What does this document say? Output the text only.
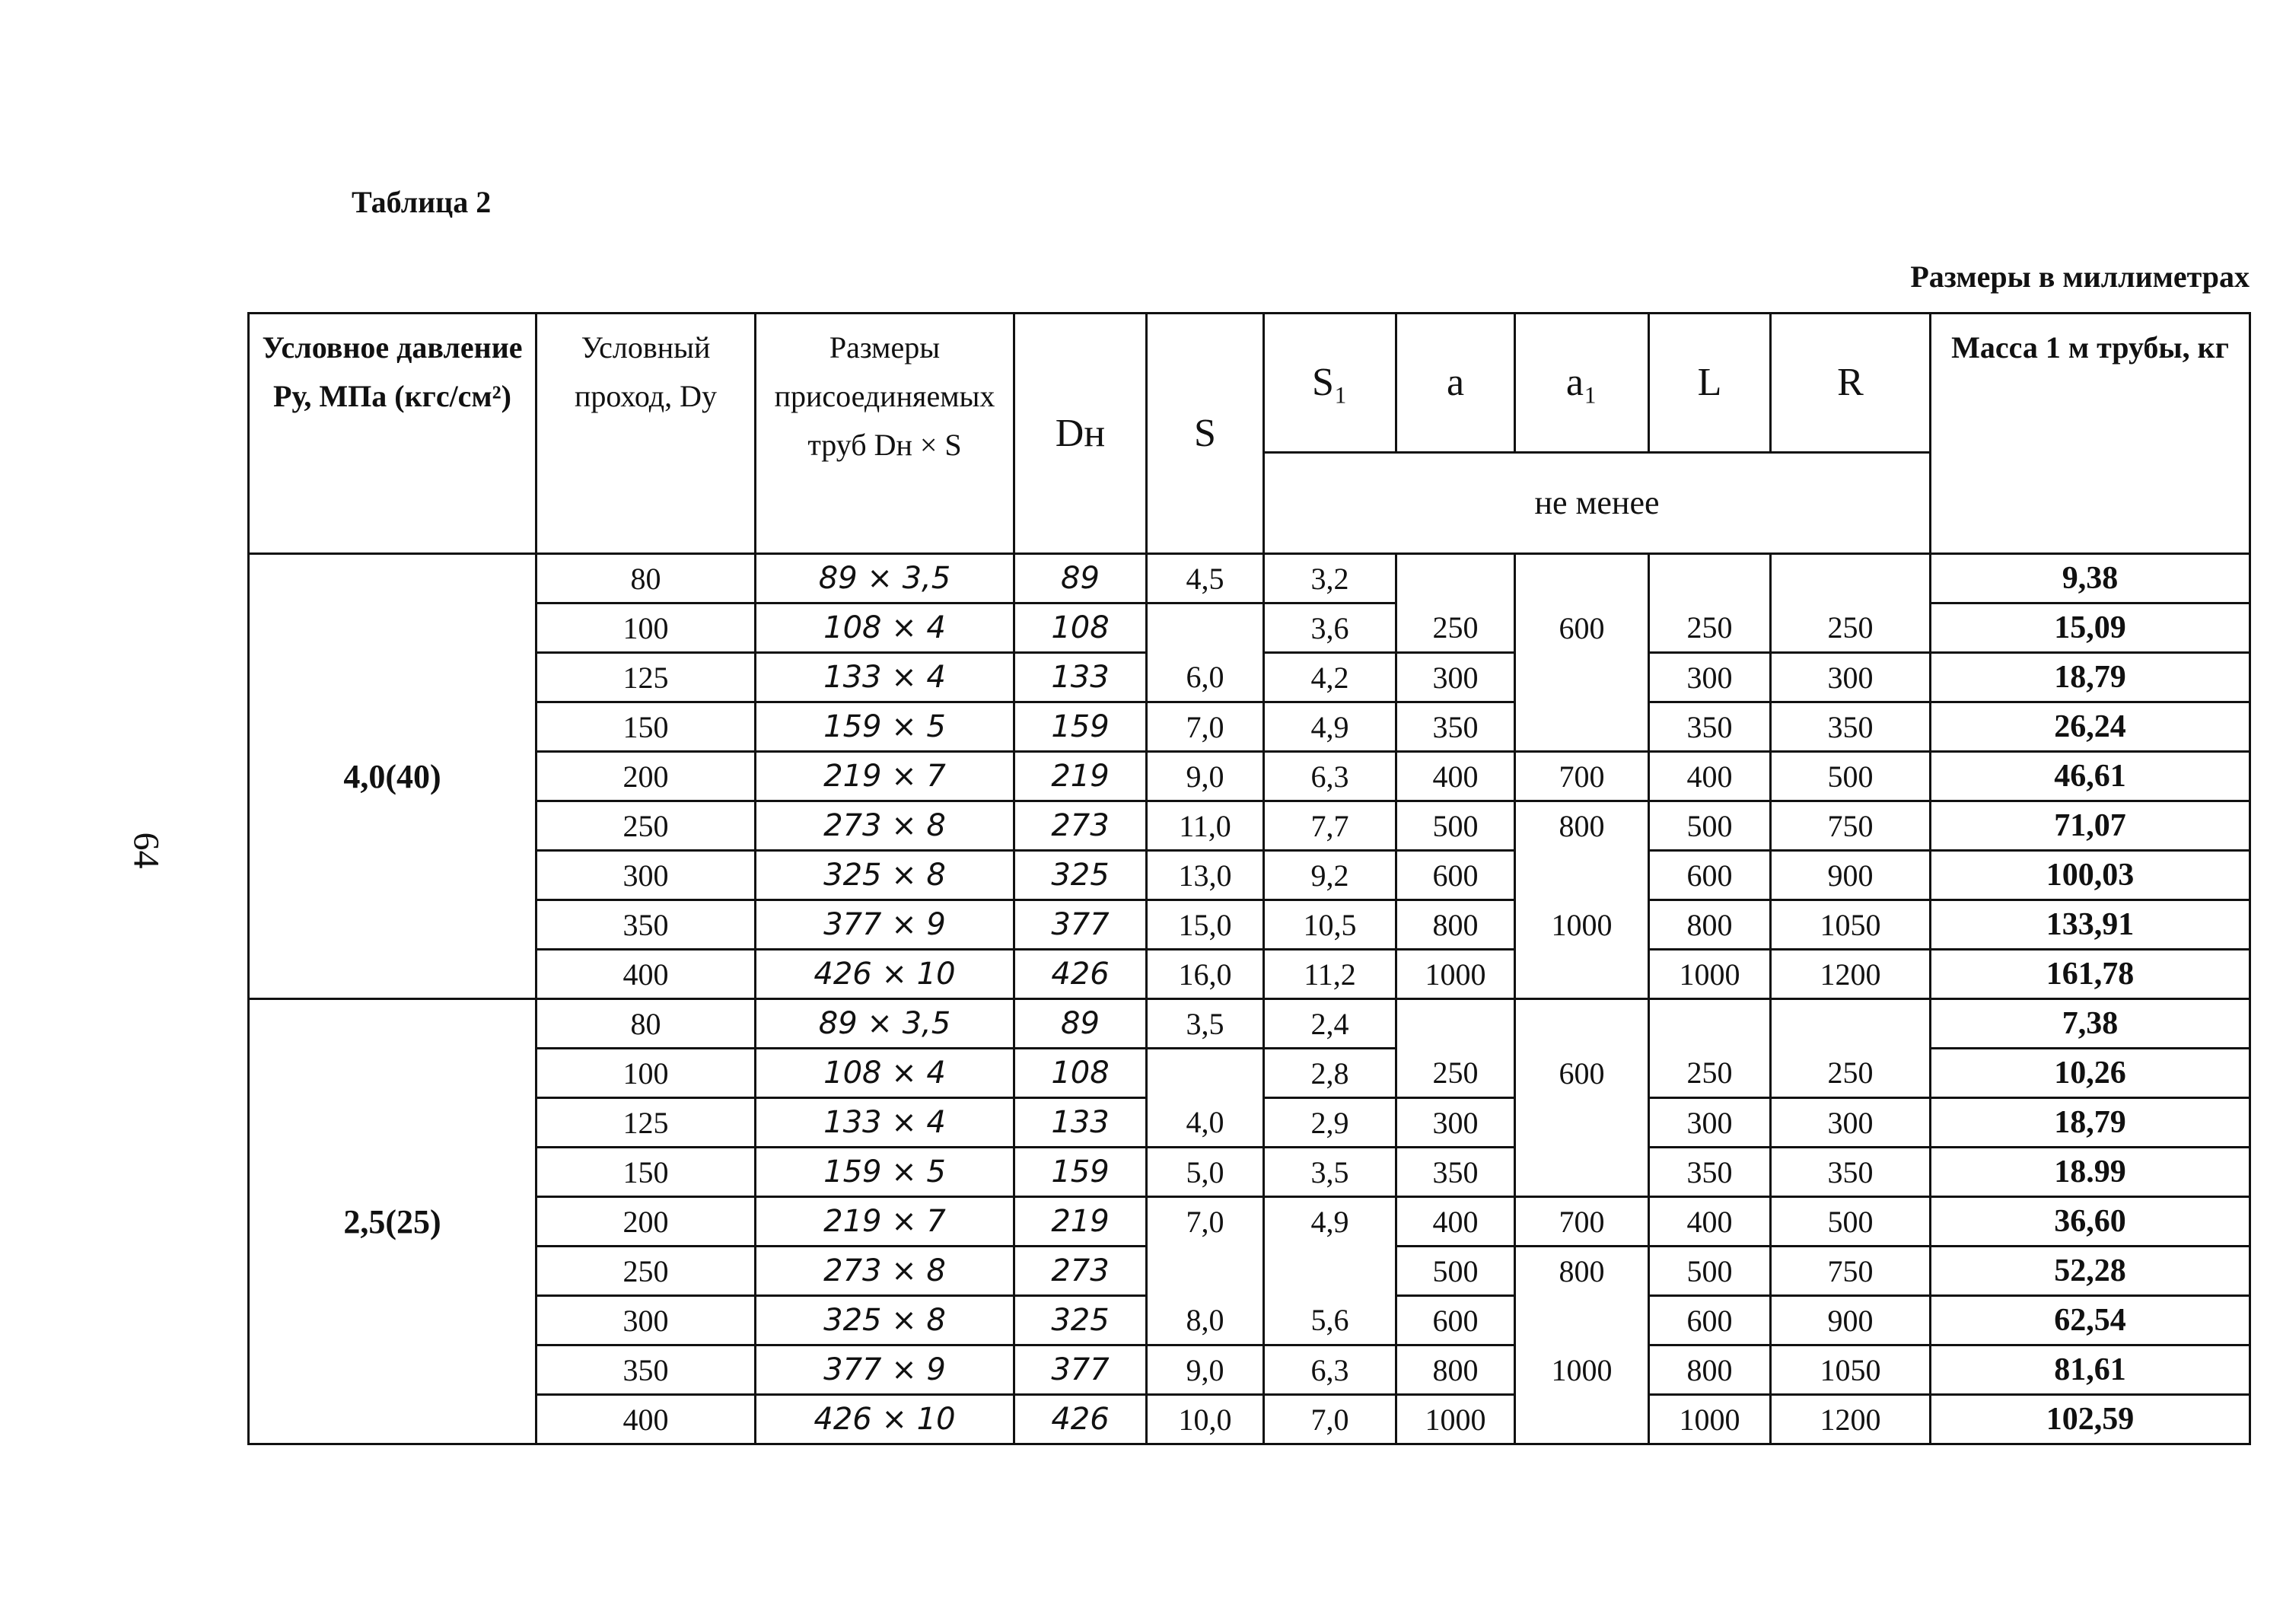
Таблица 2
Размеры в миллиметрах
64
Условное давление Ру, МПа (кгс/см²)	Условный проход, Dy	Размеры присоединяемых труб Dн × S	Dн	S	S₁	a	a₁	L	R	Масса 1 м трубы, кг
					не менее					
4,0(40)	80	89 × 3,5	89	4,5	3,2					9,38
	100	108 × 4	108		3,6	250	600	250	250	15,09
	125	133 × 4	133	6,0	4,2	300		300	300	18,79
	150	159 × 5	159	7,0	4,9	350		350	350	26,24
	200	219 × 7	219	9,0	6,3	400	700	400	500	46,61
	250	273 × 8	273	11,0	7,7	500	800	500	750	71,07
	300	325 × 8	325	13,0	9,2	600		600	900	100,03
	350	377 × 9	377	15,0	10,5	800	1000	800	1050	133,91
	400	426 × 10	426	16,0	11,2	1000		1000	1200	161,78
2,5(25)	80	89 × 3,5	89	3,5	2,4					7,38
	100	108 × 4	108		2,8	250	600	250	250	10,26
	125	133 × 4	133	4,0	2,9	300		300	300	18,79
	150	159 × 5	159	5,0	3,5	350		350	350	18.99
	200	219 × 7	219	7,0	4,9	400	700	400	500	36,60
	250	273 × 8	273			500	800	500	750	52,28
	300	325 × 8	325	8,0	5,6	600		600	900	62,54
	350	377 × 9	377	9,0	6,3	800	1000	800	1050	81,61
	400	426 × 10	426	10,0	7,0	1000		1000	1200	102,59
